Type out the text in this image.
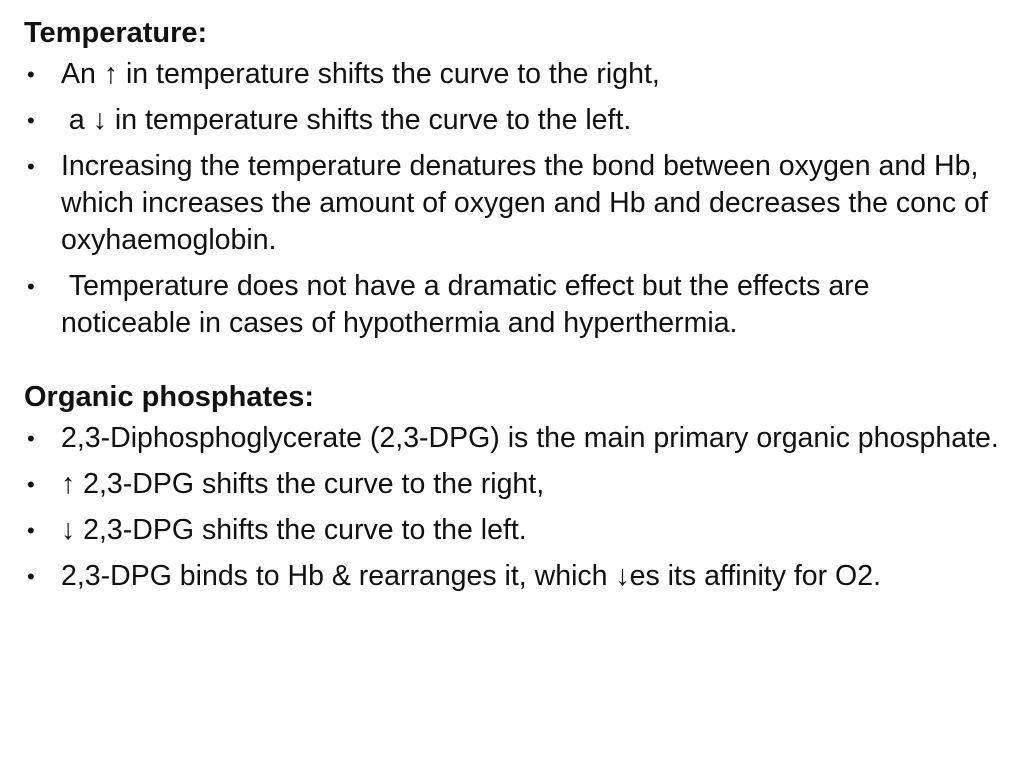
Temperature:
• An ↑ in temperature shifts the curve to the right,
• a ↓ in temperature shifts the curve to the left.
• Increasing the temperature denatures the bond between oxygen and Hb, which increases the amount of oxygen and Hb and decreases the conc of oxyhaemoglobin.
• Temperature does not have a dramatic effect but the effects are noticeable in cases of hypothermia and hyperthermia.
Organic phosphates:
• 2,3-Diphosphoglycerate (2,3-DPG) is the main primary organic phosphate.
• ↑ 2,3-DPG shifts the curve to the right,
• ↓ 2,3-DPG shifts the curve to the left.
• 2,3-DPG binds to Hb & rearranges it, which ↓es its affinity for O2.
